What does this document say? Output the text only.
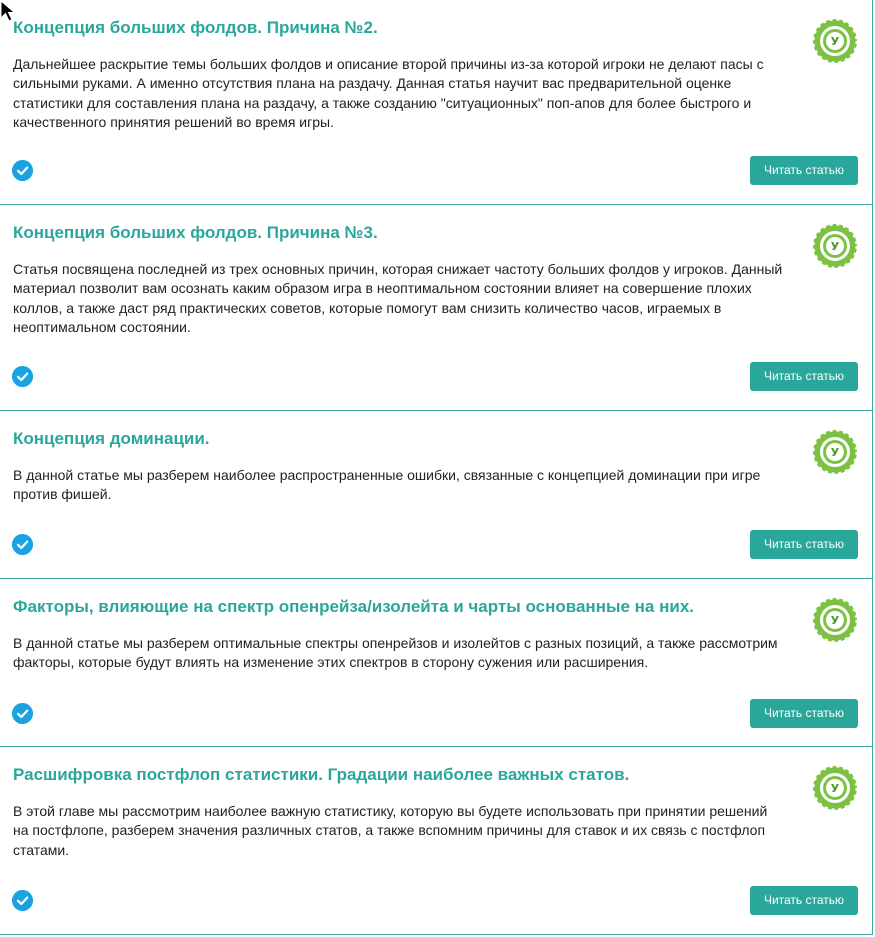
Концепция больших фолдов. Причина №2.

Дальнейшее раскрытие темы больших фолдов и описание второй причины из-за которой игроки не делают пасы с сильными руками. А именно отсутствия плана на раздачу. Данная статья научит вас предварительной оценке статистики для составления плана на раздачу, а также созданию "ситуационных" поп-апов для более быстрого и качественного принятия решений во время игры.

У
Читать статью
Концепция больших фолдов. Причина №3.

Статья посвящена последней из трех основных причин, которая снижает частоту больших фолдов у игроков. Данный материал позволит вам осознать каким образом игра в неоптимальном состоянии влияет на совершение плохих коллов, а также даст ряд практических советов, которые помогут вам снизить количество часов, играемых в неоптимальном состоянии.

У
Читать статью
Концепция доминации.

В данной статье мы разберем наиболее распространенные ошибки, связанные с концепцией доминации при игре против фишей.

У
Читать статью
Факторы, влияющие на спектр опенрейза/изолейта и чарты основанные на них.

В данной статье мы разберем оптимальные спектры опенрейзов и изолейтов с разных позиций, а также рассмотрим факторы, которые будут влиять на изменение этих спектров в сторону сужения или расширения.

У
Читать статью
Расшифровка постфлоп статистики. Градации наиболее важных статов.

В этой главе мы рассмотрим наиболее важную статистику, которую вы будете использовать при принятии решений на постфлопе, разберем значения различных статов, а также вспомним причины для ставок и их связь с постфлоп статами.

У
Читать статью
